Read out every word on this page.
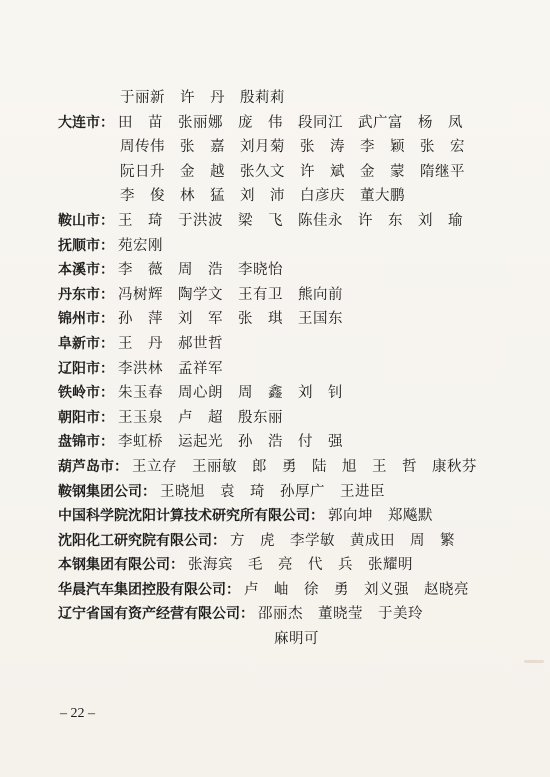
于丽新　许　丹　殷莉莉
大连市： 田　苗　张丽娜　庞　伟　段同江　武广富　杨　凤
周传伟　张　嘉　刘月菊　张　涛　李　颖　张　宏
阮日升　金　越　张久文　许　斌　金　蒙　隋继平
李　俊　林　猛　刘　沛　白彦庆　董大鹏
鞍山市： 王　琦　于洪波　梁　飞　陈佳永　许　东　刘　瑜
抚顺市： 苑宏刚
本溪市： 李　薇　周　浩　李晓怡
丹东市： 冯树辉　陶学文　王有卫　熊向前
锦州市： 孙　萍　刘　军　张　琪　王国东
阜新市： 王　丹　郝世哲
辽阳市： 李洪林　孟祥军
铁岭市： 朱玉春　周心朗　周　鑫　刘　钊
朝阳市： 王玉泉　卢　超　殷东丽
盘锦市： 李虹桥　运起光　孙　浩　付　强
葫芦岛市： 王立存　王丽敏　郎　勇　陆　旭　王　哲　康秋芬
鞍钢集团公司： 王晓旭　袁　琦　孙厚广　王进臣
中国科学院沈阳计算技术研究所有限公司： 郭向坤　郑飚默
沈阳化工研究院有限公司： 方　虎　李学敏　黄成田　周　繁
本钢集团有限公司： 张海宾　毛　亮　代　兵　张耀明
华晨汽车集团控股有限公司： 卢　岫　徐　勇　刘义强　赵晓亮
辽宁省国有资产经营有限公司： 邵丽杰　董晓莹　于美玲
麻明可
– 22 –
